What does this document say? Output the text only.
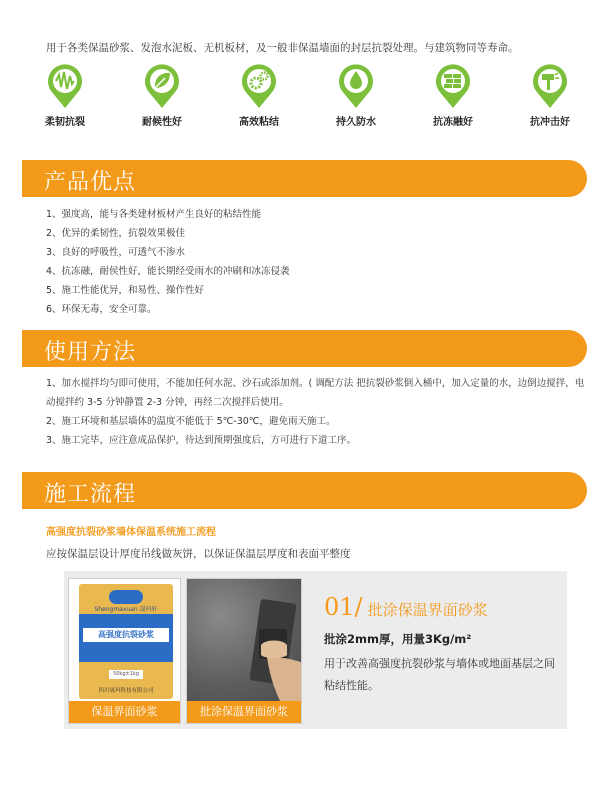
用于各类保温砂浆、发泡水泥板、无机板材，及一般非保温墙面的封层抗裂处理。与建筑物同等寿命。
柔韧抗裂	耐候性好	高效粘结	持久防水	抗冻融好	抗冲击好
产品优点
1、强度高，能与各类建材板材产生良好的粘结性能
2、优异的柔韧性，抗裂效果极佳
3、良好的呼吸性，可透气不渗水
4、抗冻融，耐侯性好，能长期经受雨水的冲刷和冰冻侵袭
5、施工性能优异，和易性、操作性好
6、环保无毒，安全可靠。
使用方法
1、加水搅拌均匀即可使用，不能加任何水泥、沙石或添加剂。( 调配方法 把抗裂砂浆倒入桶中，加入定量的水，边倒边搅拌，电动搅拌约 3-5 分钟静置 2-3 分钟，再经二次搅拌后使用。
2、施工环境和基层墙体的温度不能低于 5℃-30℃，避免雨天施工。
3、施工完毕，应注意成品保护，待达到预期强度后，方可进行下道工序。
施工流程
高强度抗裂砂浆墙体保温系统施工流程
应按保温层设计厚度吊线做灰饼，以保证保温层厚度和表面平整度
Shengmaxuan 晟玛轩
高强度抗裂砂浆
50kg±1kg
四川晟玛科技有限公司
保温界面砂浆	批涂保温界面砂浆
01/ 批涂保温界面砂浆
批涂2mm厚，用量3Kg/m²
用于改善高强度抗裂砂浆与墙体或地面基层之间粘结性能。
